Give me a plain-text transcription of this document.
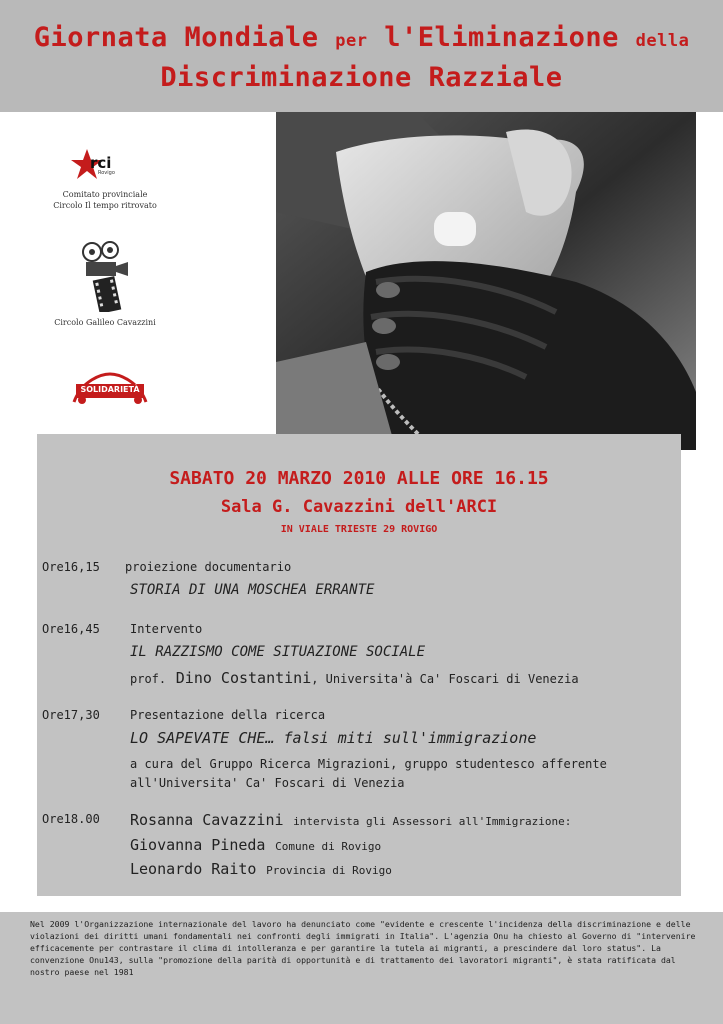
Giornata Mondiale per l'Eliminazione della
Discriminazione Razziale
rci
Rovigo
Comitato provinciale
Circolo Il tempo ritrovato
Circolo Galileo Cavazzini
SOLIDARIETÀ
SABATO 20 MARZO 2010 ALLE ORE 16.15
Sala G. Cavazzini dell'ARCI
IN VIALE TRIESTE 29 ROVIGO
Ore16,15 proiezione documentario
STORIA DI UNA MOSCHEA ERRANTE
Ore16,45	Intervento
IL RAZZISMO COME SITUAZIONE SOCIALE
prof. Dino Costantini, Universita'à Ca' Foscari di Venezia
Ore17,30	Presentazione della ricerca
LO SAPEVATE CHE… falsi miti sull'immigrazione
a cura del Gruppo Ricerca Migrazioni, gruppo studentesco afferente
all'Universita' Ca' Foscari di Venezia
Ore18.00 Rosanna Cavazzini intervista gli Assessori all'Immigrazione:
Giovanna Pineda Comune di Rovigo
Leonardo Raito Provincia di Rovigo
Nel 2009 l'Organizzazione internazionale del lavoro ha denunciato come "evidente e crescente l'incidenza della discriminazione e delle violazioni dei diritti umani fondamentali nei confronti degli immigrati in Italia". L'agenzia Onu ha chiesto al Governo di "intervenire efficacemente per contrastare il clima di intolleranza e per garantire la tutela ai migranti, a prescindere dal loro status". La convenzione Onu143, sulla "promozione della parità di opportunità e di trattamento dei lavoratori migranti", è stata ratificata dal nostro paese nel 1981
